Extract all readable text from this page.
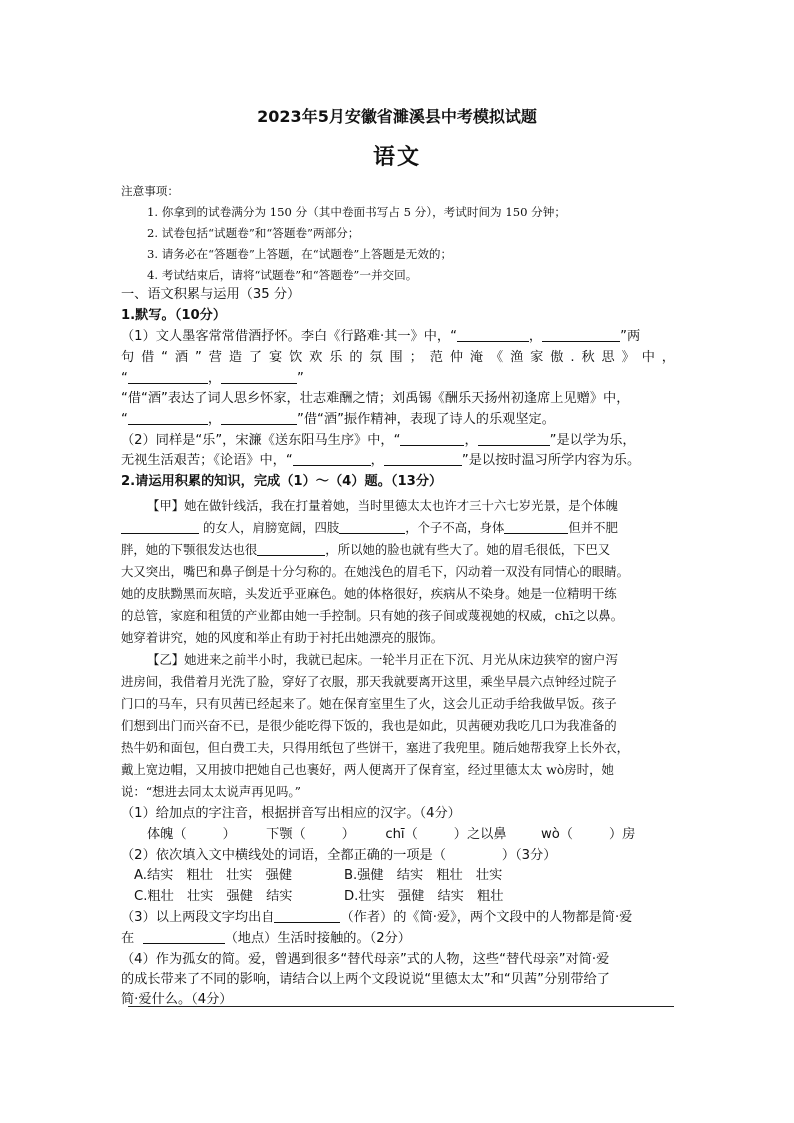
2023年5月安徽省濉溪县中考模拟试题
语文
注意事项：
1. 你拿到的试卷满分为 150 分（其中卷面书写占 5 分），考试时间为 150 分钟；
2. 试卷包括“试题卷”和“答题卷”两部分；
3. 请务必在“答题卷”上答题，在“试题卷”上答题是无效的；
4. 考试结束后，请将“试题卷”和“答题卷”一并交回。
一、语文积累与运用（35 分）
1.默写。（10分）
（1）文人墨客常常借酒抒怀。李白《行路难·其一》中，“	，	”两
句借“酒”营造了宴饮欢乐的氛围；范仲淹《渔家傲.秋思》中，
“	，	”
“借“酒”表达了词人思乡怀家，壮志难酬之情；刘禹锡《酬乐天扬州初逢席上见赠》中，
“	，	”借“酒”振作精神，表现了诗人的乐观坚定。
（2）同样是“乐”，宋濂《送东阳马生序》中，“	，	”是以学为乐，
无视生活艰苦；《论语》中，“	，	”是以按时温习所学内容为乐。
2.请运用积累的知识，完成（1）～（4）题。（13分）
【甲】她在做针线活，我在打量着她，当时里德太太也许才三十六七岁光景，是个体魄
的女人，肩膀宽阔，四肢	，个子不高，身体	但并不肥
胖，她的下颚很发达也很	，所以她的脸也就有些大了。她的眉毛很低，下巴又
大又突出，嘴巴和鼻子倒是十分匀称的。在她浅色的眉毛下，闪动着一双没有同情心的眼睛。
她的皮肤黝黑而灰暗，头发近乎亚麻色。她的体格很好，疾病从不染身。她是一位精明干练
的总管，家庭和租赁的产业都由她一手控制。只有她的孩子间或蔑视她的权威，chī之以鼻。
她穿着讲究，她的风度和举止有助于衬托出她漂亮的服饰。
【乙】她进来之前半小时，我就已起床。一轮半月正在下沉、月光从床边狭窄的窗户泻
进房间，我借着月光洗了脸，穿好了衣服，那天我就要离开这里，乘坐早晨六点钟经过院子
门口的马车，只有贝茜已经起来了。她在保育室里生了火，这会儿正动手给我做早饭。孩子
们想到出门而兴奋不已，是很少能吃得下饭的，我也是如此，贝茜硬劝我吃几口为我准备的
热牛奶和面包，但白费工夫，只得用纸包了些饼干，塞进了我兜里。随后她帮我穿上长外衣，
戴上宽边帽，又用披巾把她自己也裹好，两人便离开了保育室，经过里德太太 wò房时，她
说：“想进去同太太说声再见吗。”
（1）给加点的字注音，根据拼音写出相应的汉字。（4分）
体魄（	） 下颚（	） chī（	）之以鼻	wò（	）房
（2）依次填入文中横线处的词语，全都正确的一项是（	）（3分）
A.结实　粗壮　壮实　强健	B.强健　结实　粗壮　壮实
C.粗壮　壮实　强健　结实	D.壮实　强健　结实　粗壮
（3）以上两段文字均出自	（作者）的《简·爱》，两个文段中的人物都是简·爱
在	（地点）生活时接触的。（2分）
（4）作为孤女的简。爱，曾遇到很多“替代母亲”式的人物，这些“替代母亲”对简·爱
的成长带来了不同的影响，请结合以上两个文段说说“里德太太”和“贝茜”分别带给了
简·爱什么。（4分）
